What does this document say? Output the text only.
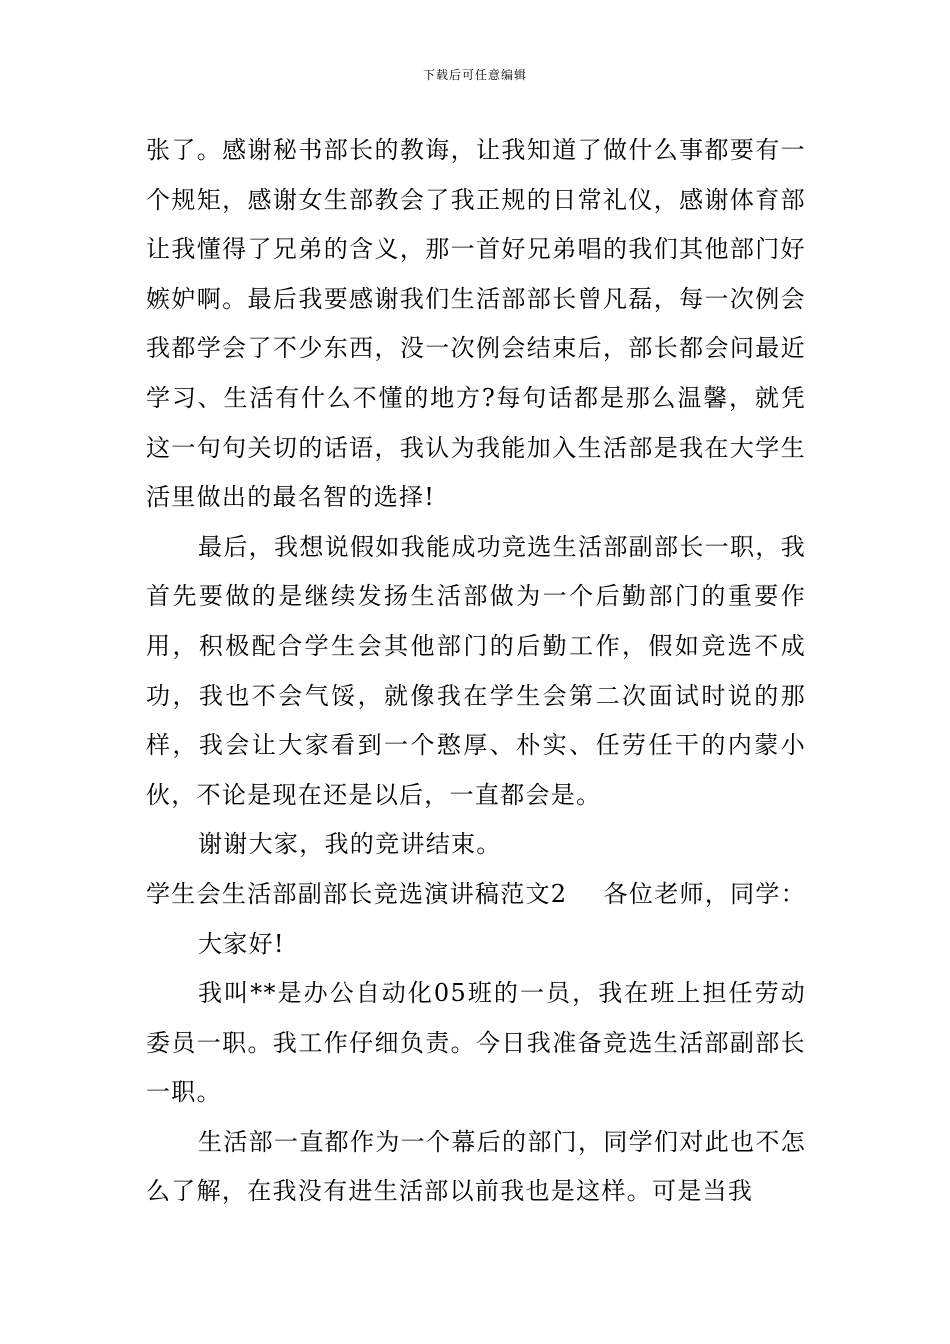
下载后可任意编辑

张了。感谢秘书部长的教诲，让我知道了做什么事都要有一个规矩，感谢女生部教会了我正规的日常礼仪，感谢体育部让我懂得了兄弟的含义，那一首好兄弟唱的我们其他部门好嫉妒啊。最后我要感谢我们生活部部长曾凡磊，每一次例会我都学会了不少东西，没一次例会结束后，部长都会问最近学习、生活有什么不懂的地方?每句话都是那么温馨，就凭这一句句关切的话语，我认为我能加入生活部是我在大学生活里做出的最名智的选择!

最后，我想说假如我能成功竞选生活部副部长一职，我首先要做的是继续发扬生活部做为一个后勤部门的重要作用，积极配合学生会其他部门的后勤工作，假如竞选不成功，我也不会气馁，就像我在学生会第二次面试时说的那样，我会让大家看到一个憨厚、朴实、任劳任干的内蒙小伙，不论是现在还是以后，一直都会是。

谢谢大家，我的竞讲结束。

学生会生活部副部长竞选演讲稿范文2 各位老师，同学：

大家好!

我叫**是办公自动化05班的一员，我在班上担任劳动委员一职。我工作仔细负责。今日我准备竞选生活部副部长一职。

生活部一直都作为一个幕后的部门，同学们对此也不怎么了解，在我没有进生活部以前我也是这样。可是当我
